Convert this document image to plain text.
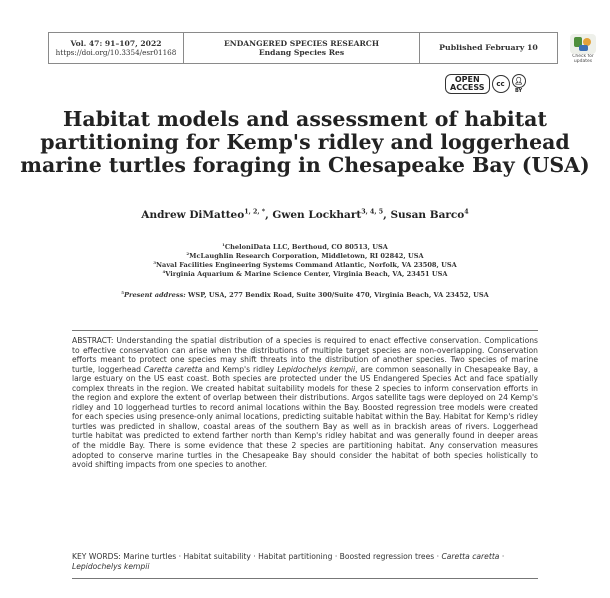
Vol. 47: 91–107, 2022
https://doi.org/10.3354/esr01168
ENDANGERED SPECIES RESEARCH
Endang Species Res
Published February 10
Check for updates
OPEN
ACCESS	cc	👤︎
BY
Habitat models and assessment of habitat partitioning for Kemp's ridley and loggerhead marine turtles foraging in Chesapeake Bay (USA)
Andrew DiMatteo$^{1, 2, *}$, Gwen Lockhart$^{3, 4, 5}$, Susan Barco$^4$
$^1$CheloniData LLC, Berthoud, CO 80513, USA
$^2$McLaughlin Research Corporation, Middletown, RI 02842, USA
$^3$Naval Facilities Engineering Systems Command Atlantic, Norfolk, VA 23508, USA
$^4$Virginia Aquarium & Marine Science Center, Virginia Beach, VA, 23451 USA
$^5$Present address: WSP, USA, 277 Bendix Road, Suite 300/Suite 470, Virginia Beach, VA 23452, USA
ABSTRACT: Understanding the spatial distribution of a species is required to enact effective conservation. Complications to effective conservation can arise when the distributions of multiple target species are non-overlapping. Conservation efforts meant to protect one species may shift threats into the distribution of another species. Two species of marine turtle, loggerhead Caretta caretta and Kemp's ridley Lepidochelys kempii, are common seasonally in Chesapeake Bay, a large estuary on the US east coast. Both species are protected under the US Endangered Species Act and face spatially complex threats in the region. We created habitat suitability models for these 2 species to inform conservation efforts in the region and explore the extent of overlap between their distributions. Argos satellite tags were deployed on 24 Kemp's ridley and 10 loggerhead turtles to record animal locations within the Bay. Boosted regression tree models were created for each species using presence-only animal locations, predicting suitable habitat within the Bay. Habitat for Kemp's ridley turtles was predicted in shallow, coastal areas of the southern Bay as well as in brackish areas of rivers. Loggerhead turtle habitat was predicted to extend farther north than Kemp's ridley habitat and was generally found in deeper areas of the middle Bay. There is some evidence that these 2 species are partitioning habitat. Any conservation measures adopted to conserve marine turtles in the Chesapeake Bay should consider the habitat of both species holistically to avoid shifting impacts from one species to another.
KEY WORDS: Marine turtles · Habitat suitability · Habitat partitioning · Boosted regression trees · Caretta caretta · Lepidochelys kempii
